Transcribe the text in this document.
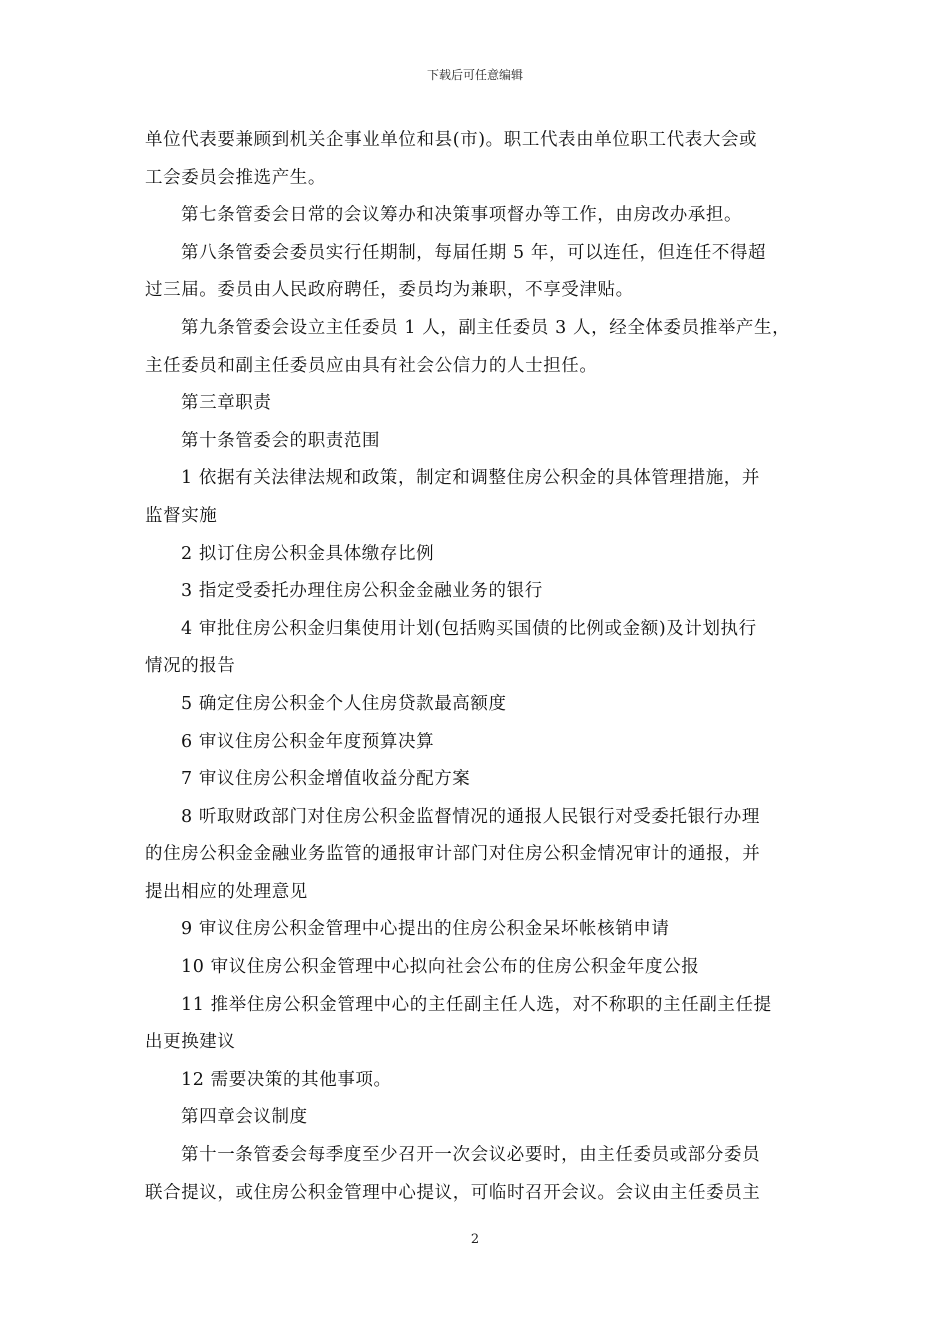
下载后可任意编辑

单位代表要兼顾到机关企事业单位和县(市)。职工代表由单位职工代表大会或

工会委员会推选产生。

第七条管委会日常的会议筹办和决策事项督办等工作，由房改办承担。

第八条管委会委员实行任期制，每届任期 5 年，可以连任，但连任不得超

过三届。委员由人民政府聘任，委员均为兼职，不享受津贴。

第九条管委会设立主任委员 1 人，副主任委员 3 人，经全体委员推举产生，

主任委员和副主任委员应由具有社会公信力的人士担任。

第三章职责

第十条管委会的职责范围

1 依据有关法律法规和政策，制定和调整住房公积金的具体管理措施，并

监督实施

2 拟订住房公积金具体缴存比例

3 指定受委托办理住房公积金金融业务的银行

4 审批住房公积金归集使用计划(包括购买国债的比例或金额)及计划执行

情况的报告

5 确定住房公积金个人住房贷款最高额度

6 审议住房公积金年度预算决算

7 审议住房公积金增值收益分配方案

8 听取财政部门对住房公积金监督情况的通报人民银行对受委托银行办理

的住房公积金金融业务监管的通报审计部门对住房公积金情况审计的通报，并

提出相应的处理意见

9 审议住房公积金管理中心提出的住房公积金呆坏帐核销申请

10 审议住房公积金管理中心拟向社会公布的住房公积金年度公报

11 推举住房公积金管理中心的主任副主任人选，对不称职的主任副主任提

出更换建议

12 需要决策的其他事项。

第四章会议制度

第十一条管委会每季度至少召开一次会议必要时，由主任委员或部分委员

联合提议，或住房公积金管理中心提议，可临时召开会议。会议由主任委员主

2
